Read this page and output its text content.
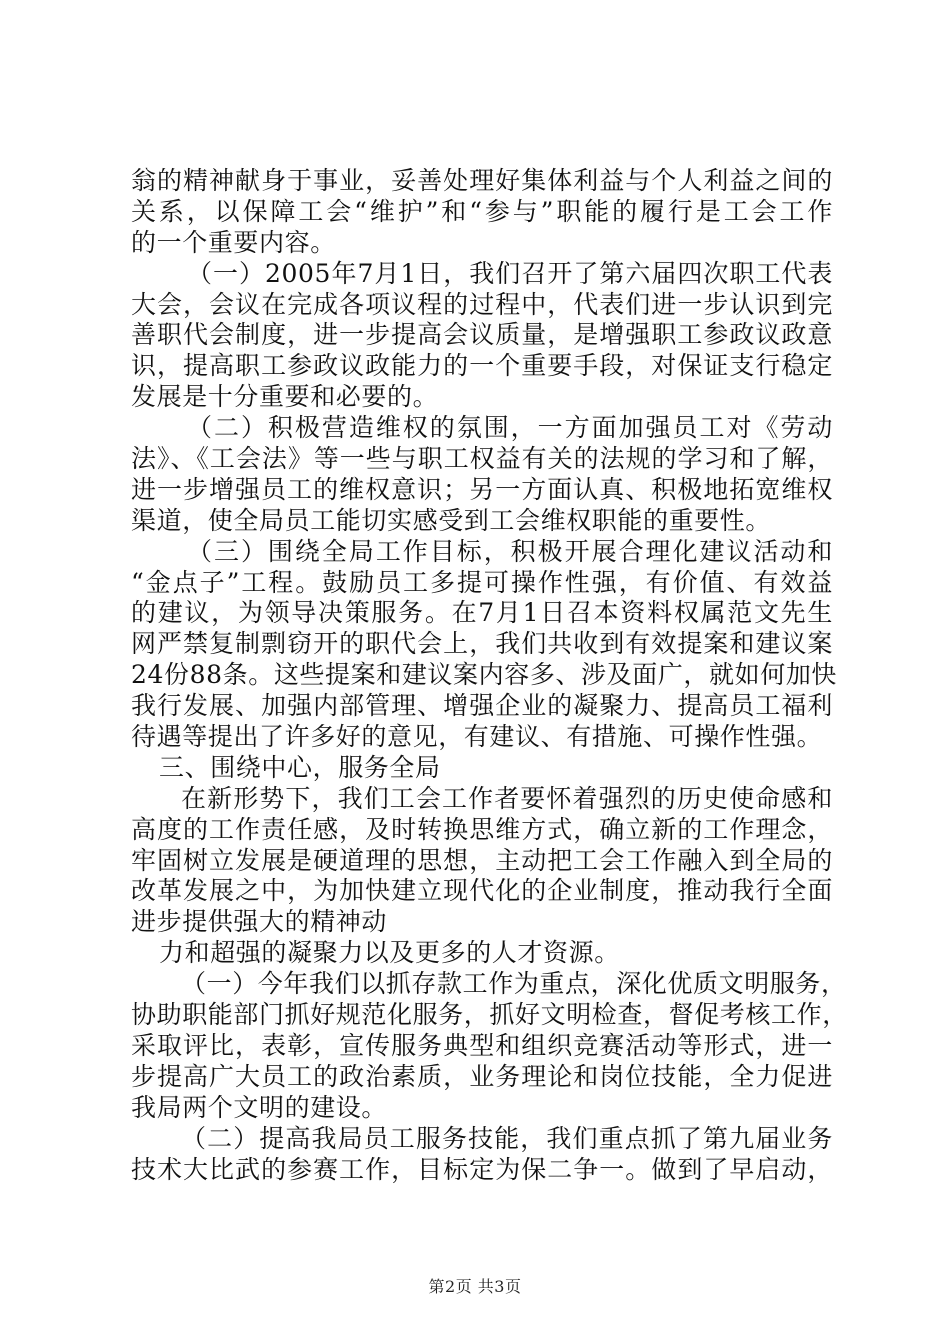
翁的精神献身于事业，妥善处理好集体利益与个人利益之间的
关系，以保障工会“维护”和“参与”职能的履行是工会工作
的一个重要内容。
（一）2005年7月1日，我们召开了第六届四次职工代表
大会，会议在完成各项议程的过程中，代表们进一步认识到完
善职代会制度，进一步提高会议质量，是增强职工参政议政意
识，提高职工参政议政能力的一个重要手段，对保证支行稳定
发展是十分重要和必要的。
（二）积极营造维权的氛围，一方面加强员工对《劳动
法》、《工会法》等一些与职工权益有关的法规的学习和了解，
进一步增强员工的维权意识；另一方面认真、积极地拓宽维权
渠道，使全局员工能切实感受到工会维权职能的重要性。
（三）围绕全局工作目标，积极开展合理化建议活动和
“金点子”工程。鼓励员工多提可操作性强，有价值、有效益
的建议，为领导决策服务。在7月1日召本资料权属范文先生
网严禁复制剽窃开的职代会上，我们共收到有效提案和建议案
24份88条。这些提案和建议案内容多、涉及面广，就如何加快
我行发展、加强内部管理、增强企业的凝聚力、提高员工福利
待遇等提出了许多好的意见，有建议、有措施、可操作性强。
三、围绕中心，服务全局
在新形势下，我们工会工作者要怀着强烈的历史使命感和
高度的工作责任感，及时转换思维方式，确立新的工作理念，
牢固树立发展是硬道理的思想，主动把工会工作融入到全局的
改革发展之中，为加快建立现代化的企业制度，推动我行全面
进步提供强大的精神动
力和超强的凝聚力以及更多的人才资源。
（一）今年我们以抓存款工作为重点，深化优质文明服务，
协助职能部门抓好规范化服务，抓好文明检查，督促考核工作，
采取评比，表彰，宣传服务典型和组织竞赛活动等形式，进一
步提高广大员工的政治素质，业务理论和岗位技能，全力促进
我局两个文明的建设。
（二）提高我局员工服务技能，我们重点抓了第九届业务
技术大比武的参赛工作，目标定为保二争一。做到了早启动，
第2页 共3页
